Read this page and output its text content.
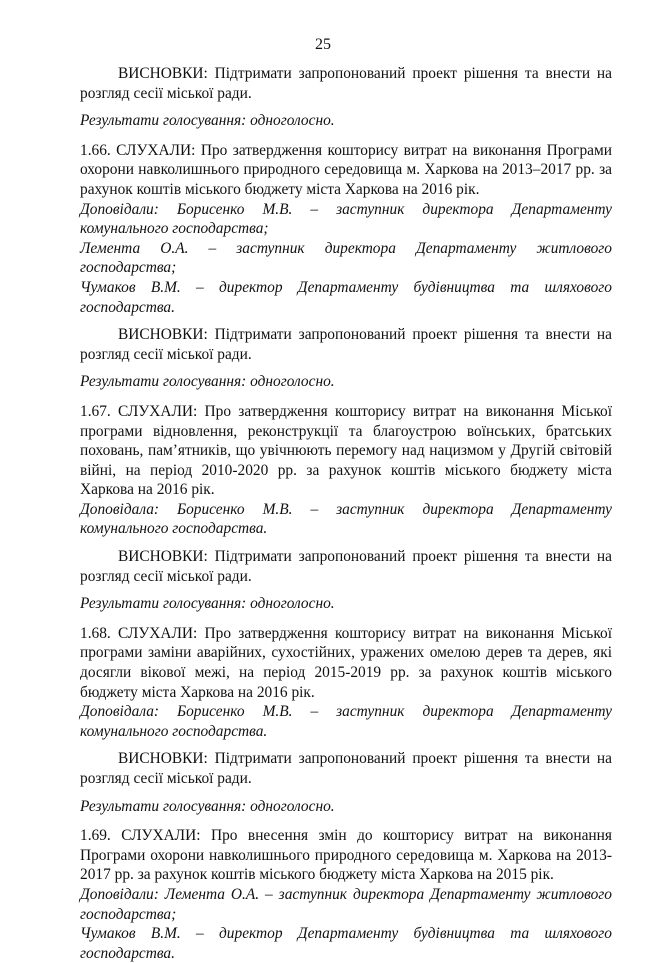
25

ВИСНОВКИ: Підтримати запропонований проект рішення та внести на розгляд сесії міської ради.

Результати голосування: одноголосно.

1.66. СЛУХАЛИ: Про затвердження кошторису витрат на виконання Програми охорони навколишнього природного середовища м. Харкова на 2013–2017 рр. за рахунок коштів міського бюджету міста Харкова на 2016 рік.

Доповідали: Борисенко М.В. – заступник директора Департаменту комунального господарства;

Лемента О.А. – заступник директора Департаменту житлового господарства;

Чумаков В.М. – директор Департаменту будівництва та шляхового господарства.

ВИСНОВКИ: Підтримати запропонований проект рішення та внести на розгляд сесії міської ради.

Результати голосування: одноголосно.

1.67. СЛУХАЛИ: Про затвердження кошторису витрат на виконання Міської програми відновлення, реконструкції та благоустрою воїнських, братських поховань, пам’ятників, що увічнюють перемогу над нацизмом у Другій світовій війні, на період 2010-2020 рр. за рахунок коштів міського бюджету міста Харкова на 2016 рік.

Доповідала: Борисенко М.В. – заступник директора Департаменту комунального господарства.

ВИСНОВКИ: Підтримати запропонований проект рішення та внести на розгляд сесії міської ради.

Результати голосування: одноголосно.

1.68. СЛУХАЛИ: Про затвердження кошторису витрат на виконання Міської програми заміни аварійних, сухостійних, уражених омелою дерев та дерев, які досягли вікової межі, на період 2015-2019 рр. за рахунок коштів міського бюджету міста Харкова на 2016 рік.

Доповідала: Борисенко М.В. – заступник директора Департаменту комунального господарства.

ВИСНОВКИ: Підтримати запропонований проект рішення та внести на розгляд сесії міської ради.

Результати голосування: одноголосно.

1.69. СЛУХАЛИ: Про внесення змін до кошторису витрат на виконання Програми охорони навколишнього природного середовища м. Харкова на 2013-2017 рр. за рахунок коштів міського бюджету міста Харкова на 2015 рік.

Доповідали: Лемента О.А. – заступник директора Департаменту житлового господарства;

Чумаков В.М. – директор Департаменту будівництва та шляхового господарства.
